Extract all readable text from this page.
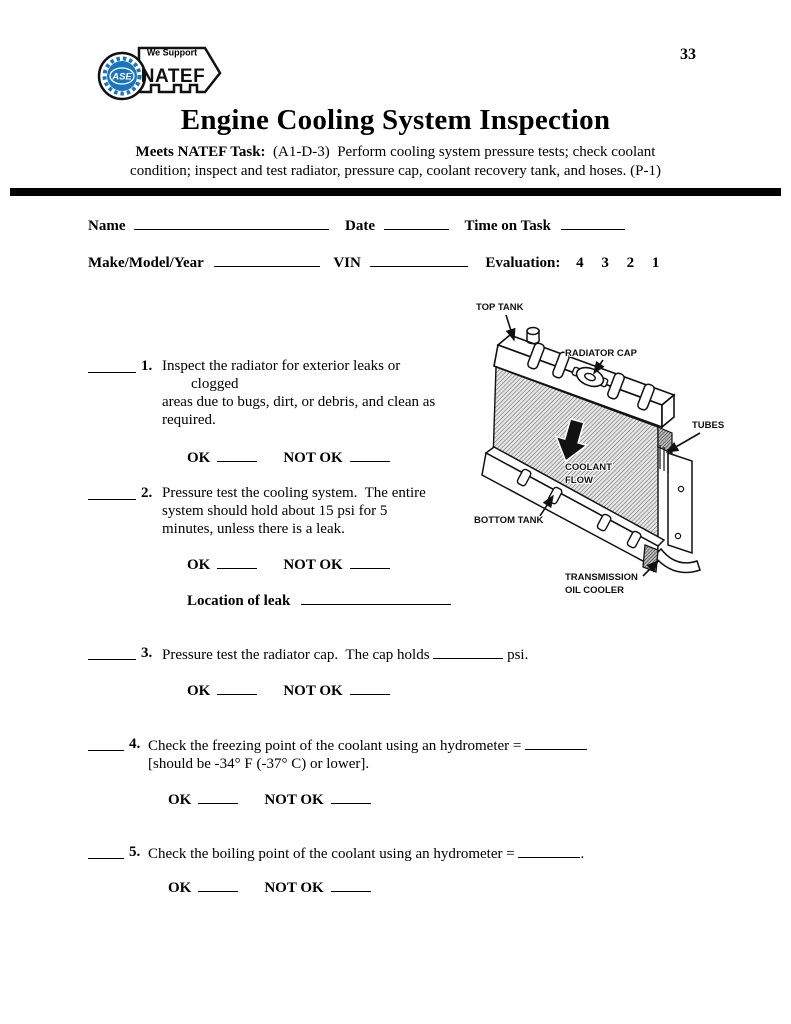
33
ASE
We Support
NATEF
Engine Cooling System Inspection
Meets NATEF Task:  (A1-D-3)  Perform cooling system pressure tests; check coolant
condition; inspect and test radiator, pressure cap, coolant recovery tank, and hoses. (P-1)
Name	Date	Time on Task
Make/Model/Year	VIN	Evaluation: 4 3 2 1
TOP TANK
RADIATOR CAP
TUBES
COOLANT
FLOW
BOTTOM TANK
TRANSMISSION
OIL COOLER
1. Inspect the radiator for exterior leaks or
clogged
areas due to bugs, dirt, or debris, and clean as
required.
OK	NOT OK
2. Pressure test the cooling system.  The entire
system should hold about 15 psi for 5
minutes, unless there is a leak.
OK	NOT OK
Location of leak
3. Pressure test the radiator cap.  The cap holds	psi.
OK	NOT OK
4. Check the freezing point of the coolant using an hydrometer =
[should be -34° F (-37° C) or lower].
OK	NOT OK
5. Check the boiling point of the coolant using an hydrometer =	.
OK	NOT OK
